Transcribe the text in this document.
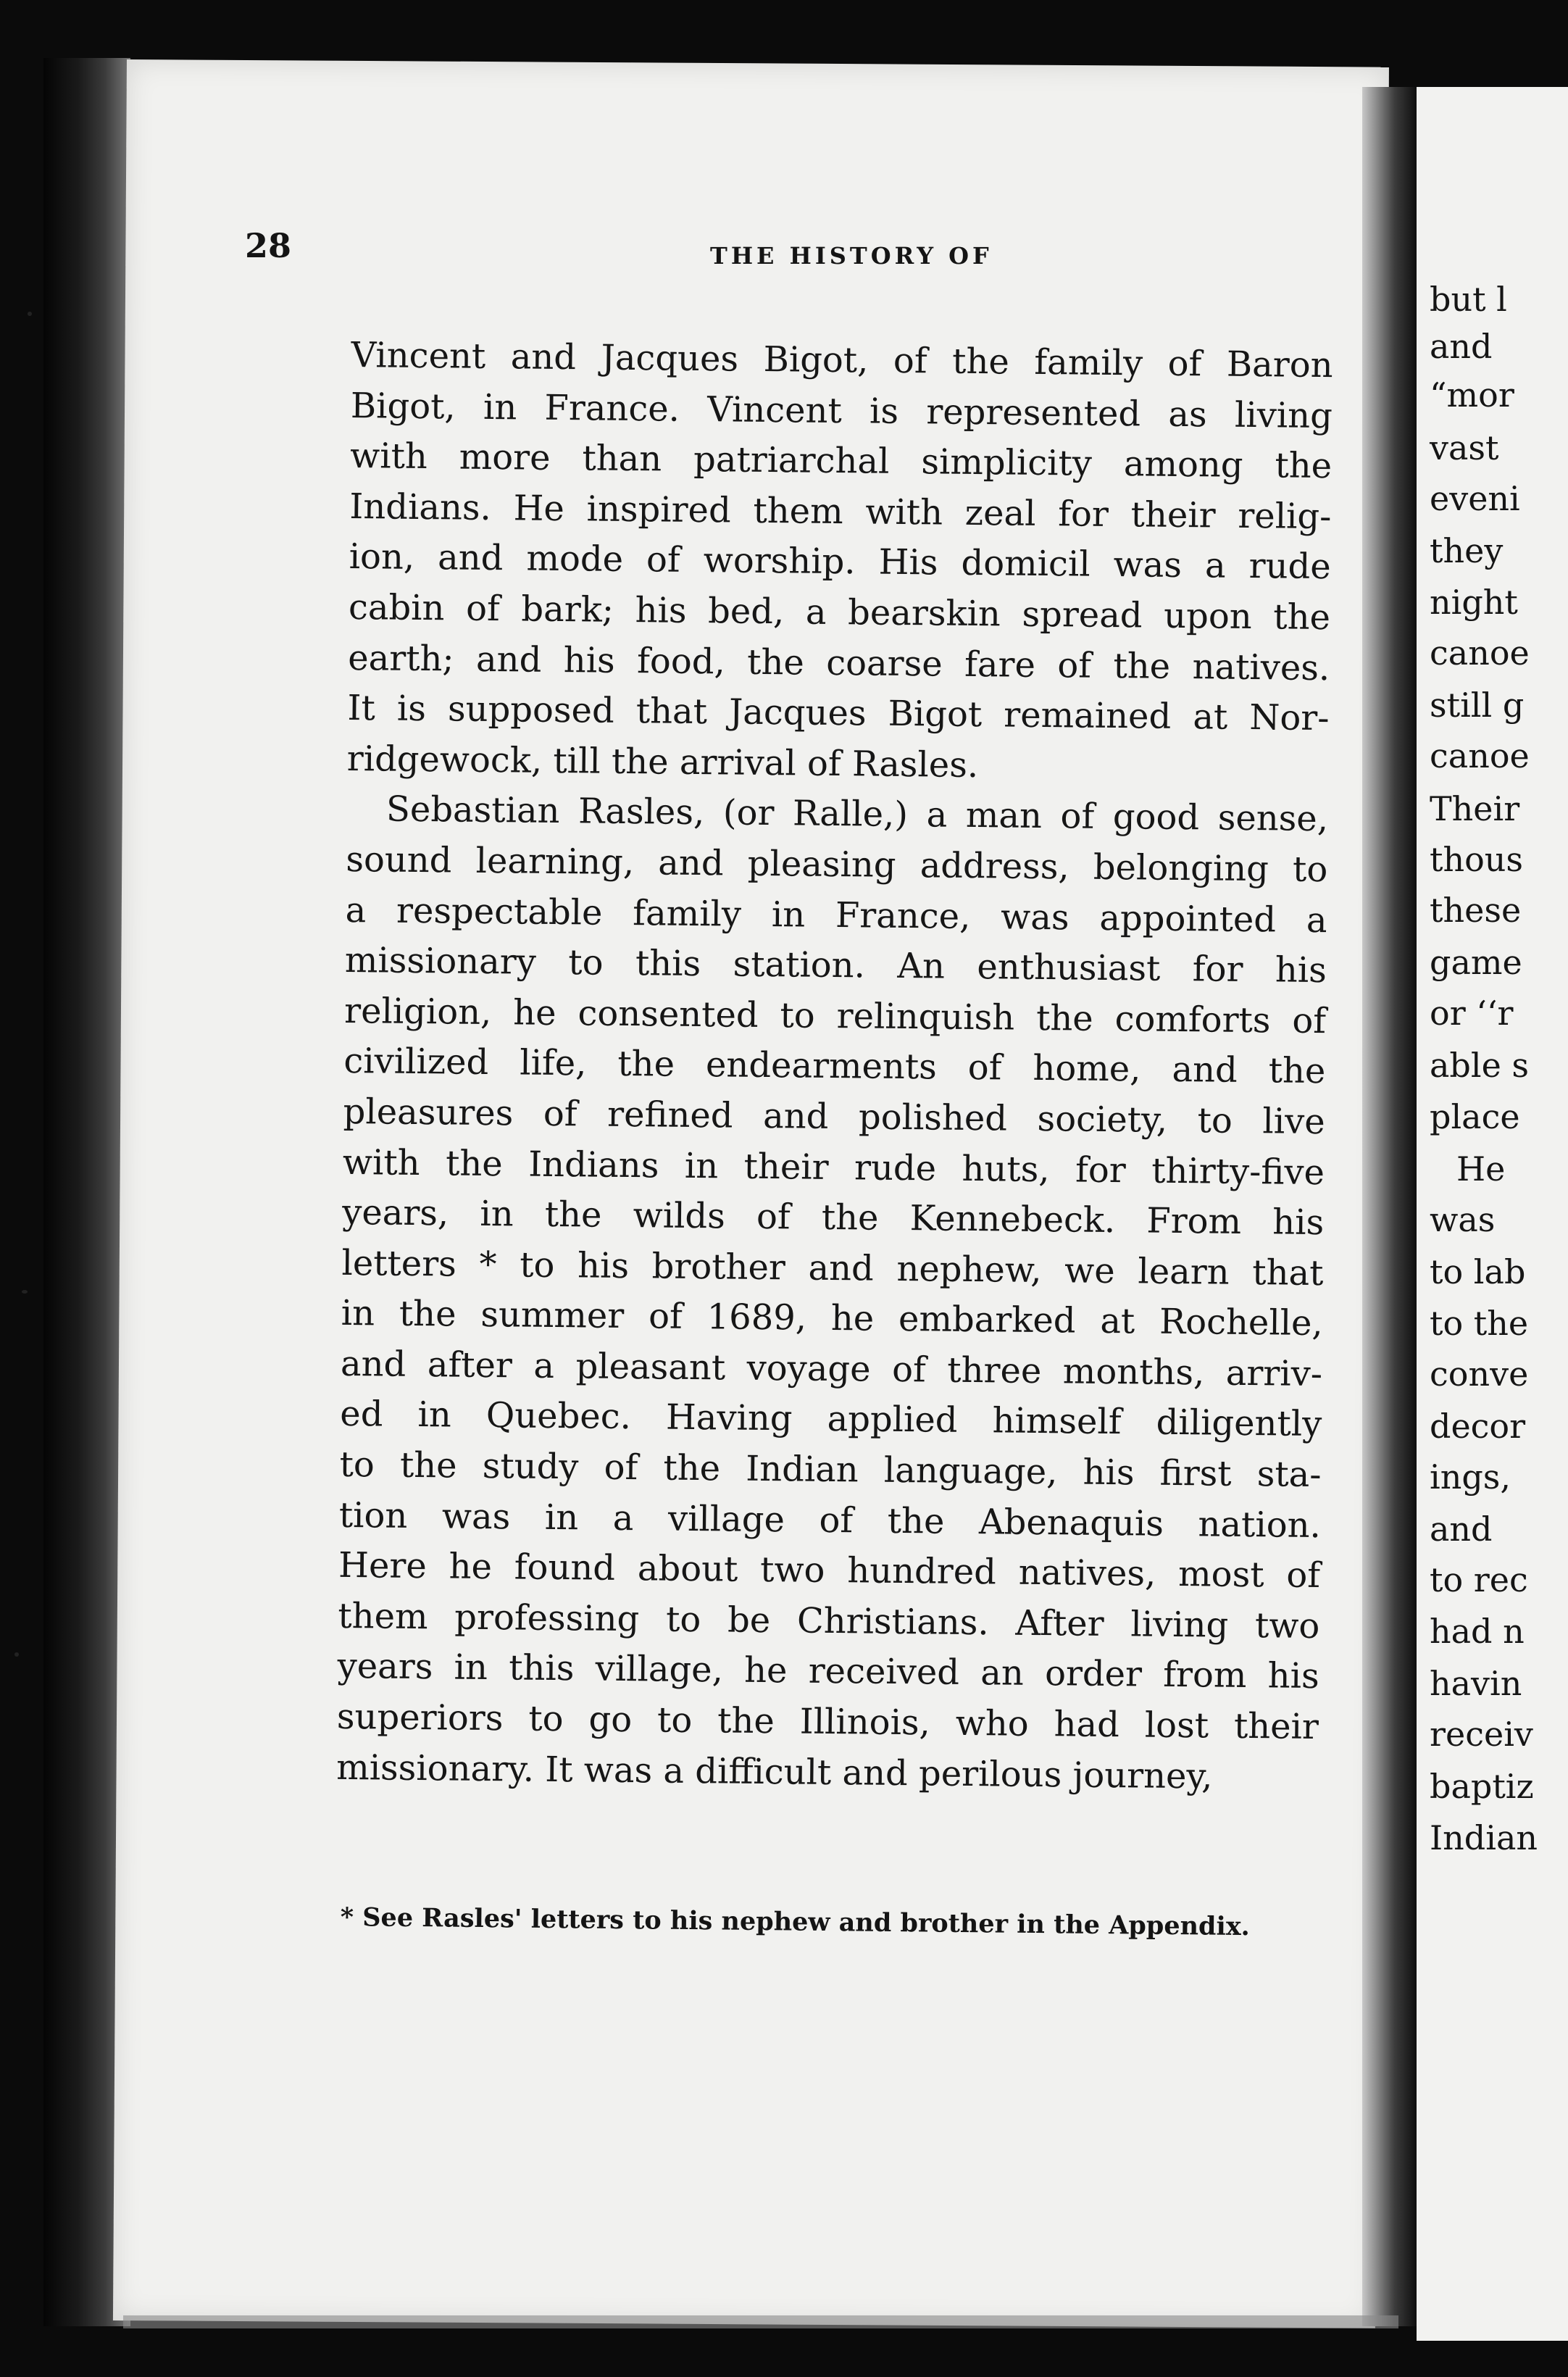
but l
and
“mor
vast
eveni
they
night
canoe
still g
canoe
Their
thous
these
game
or ‘‘r
able s
place
He
was
to lab
to the
conve
decor
ings,
and
to rec
had n
havin
receiv
baptiz
Indian
28	THE HISTORY OF
Vincent and Jacques Bigot, of the family of Baron
Bigot, in France. Vincent is represented as living
with more than patriarchal simplicity among the
Indians. He inspired them with zeal for their relig-
ion, and mode of worship. His domicil was a rude
cabin of bark; his bed, a bearskin spread upon the
earth; and his food, the coarse fare of the natives.
It is supposed that Jacques Bigot remained at Nor-
ridgewock, till the arrival of Rasles.
Sebastian Rasles, (or Ralle,) a man of good sense,
sound learning, and pleasing address, belonging to
a respectable family in France, was appointed a
missionary to this station. An enthusiast for his
religion, he consented to relinquish the comforts of
civilized life, the endearments of home, and the
pleasures of refined and polished society, to live
with the Indians in their rude huts, for thirty-five
years, in the wilds of the Kennebeck. From his
letters * to his brother and nephew, we learn that
in the summer of 1689, he embarked at Rochelle,
and after a pleasant voyage of three months, arriv-
ed in Quebec. Having applied himself diligently
to the study of the Indian language, his first sta-
tion was in a village of the Abenaquis nation.
Here he found about two hundred natives, most of
them professing to be Christians. After living two
years in this village, he received an order from his
superiors to go to the Illinois, who had lost their
missionary. It was a difficult and perilous journey,
* See Rasles' letters to his nephew and brother in the Appendix.
